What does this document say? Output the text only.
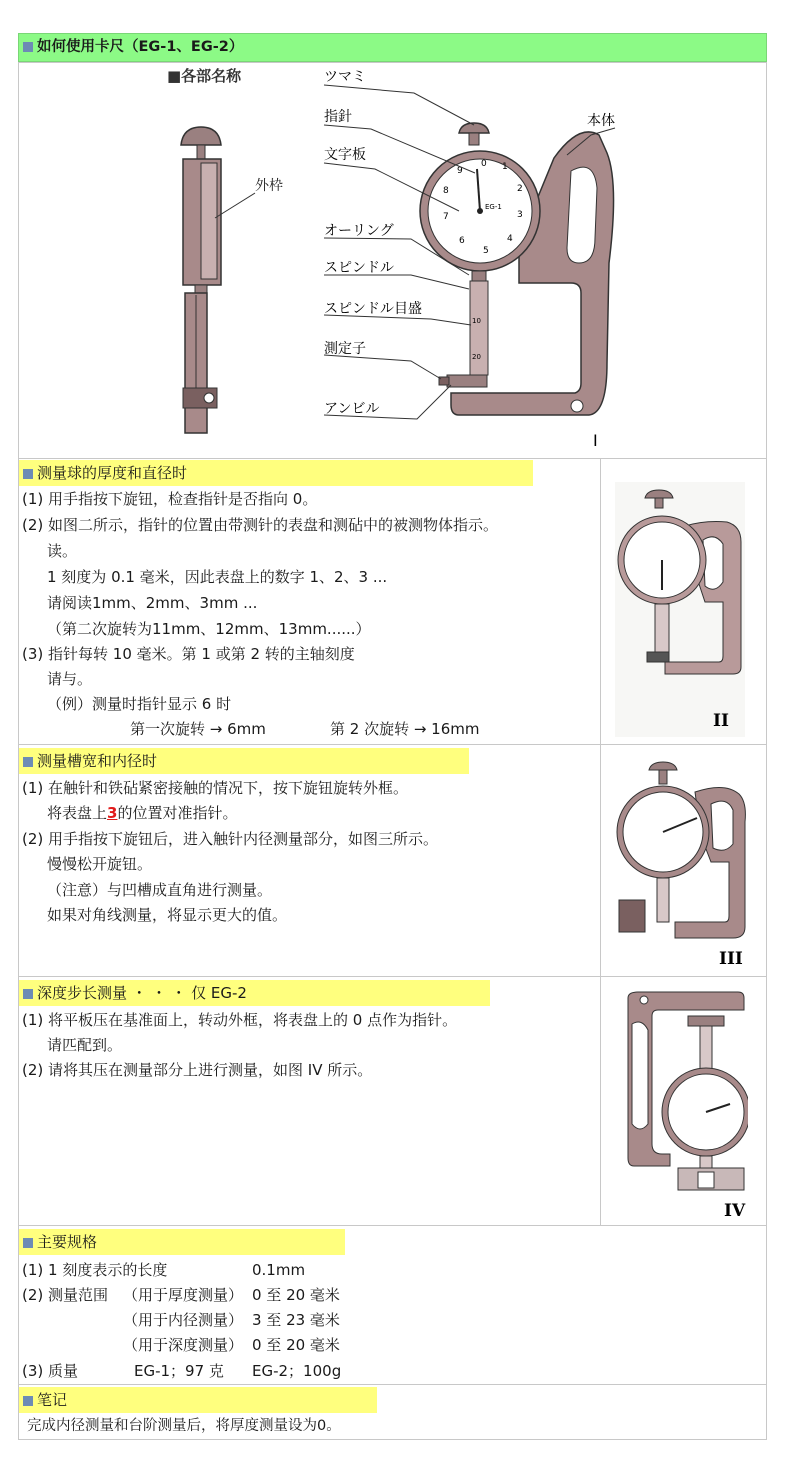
如何使用卡尺（EG-1、EG-2）
■各部名称
外枠
1
2
3
4
5
6
7
8
9
0
EG-1
10
20
ツマミ
指針
文字板
本体
オーリング
スピンドル
スピンドル目盛
測定子
アンビル
I
测量球的厚度和直径时
(1) 用手指按下旋钮，检查指针是否指向 0。
(2) 如图二所示，指针的位置由带测针的表盘和测砧中的被测物体指示。
读。
1 刻度为 0.1 毫米，因此表盘上的数字 1、2、3 ...
请阅读1mm、2mm、3mm ...
（第二次旋转为11mm、12mm、13mm......）
(3) 指针每转 10 毫米。第 1 或第 2 转的主轴刻度
请与。
（例）测量时指针显示 6 时
第一次旋转 → 6mm	第 2 次旋转 → 16mm	II
测量槽宽和内径时
(1) 在触针和铁砧紧密接触的情况下，按下旋钮旋转外框。
将表盘上3的位置对准指针。
(2) 用手指按下旋钮后，进入触针内径测量部分，如图三所示。
慢慢松开旋钮。
（注意）与凹槽成直角进行测量。
如果对角线测量，将显示更大的值。
III
深度步长测量 ・ ・ ・ 仅 EG-2
(1) 将平板压在基准面上，转动外框，将表盘上的 0 点作为指针。
请匹配到。
(2) 请将其压在测量部分上进行测量，如图 IV 所示。
IV
主要规格
(1) 1 刻度表示的长度	0.1mm
(2) 测量范围 （用于厚度测量） 0 至 20 毫米
（用于内径测量） 3 至 23 毫米
（用于深度测量） 0 至 20 毫米
(3) 质量	EG-1；97 克 EG-2；100g
笔记
完成内径测量和台阶测量后，将厚度测量设为0。
